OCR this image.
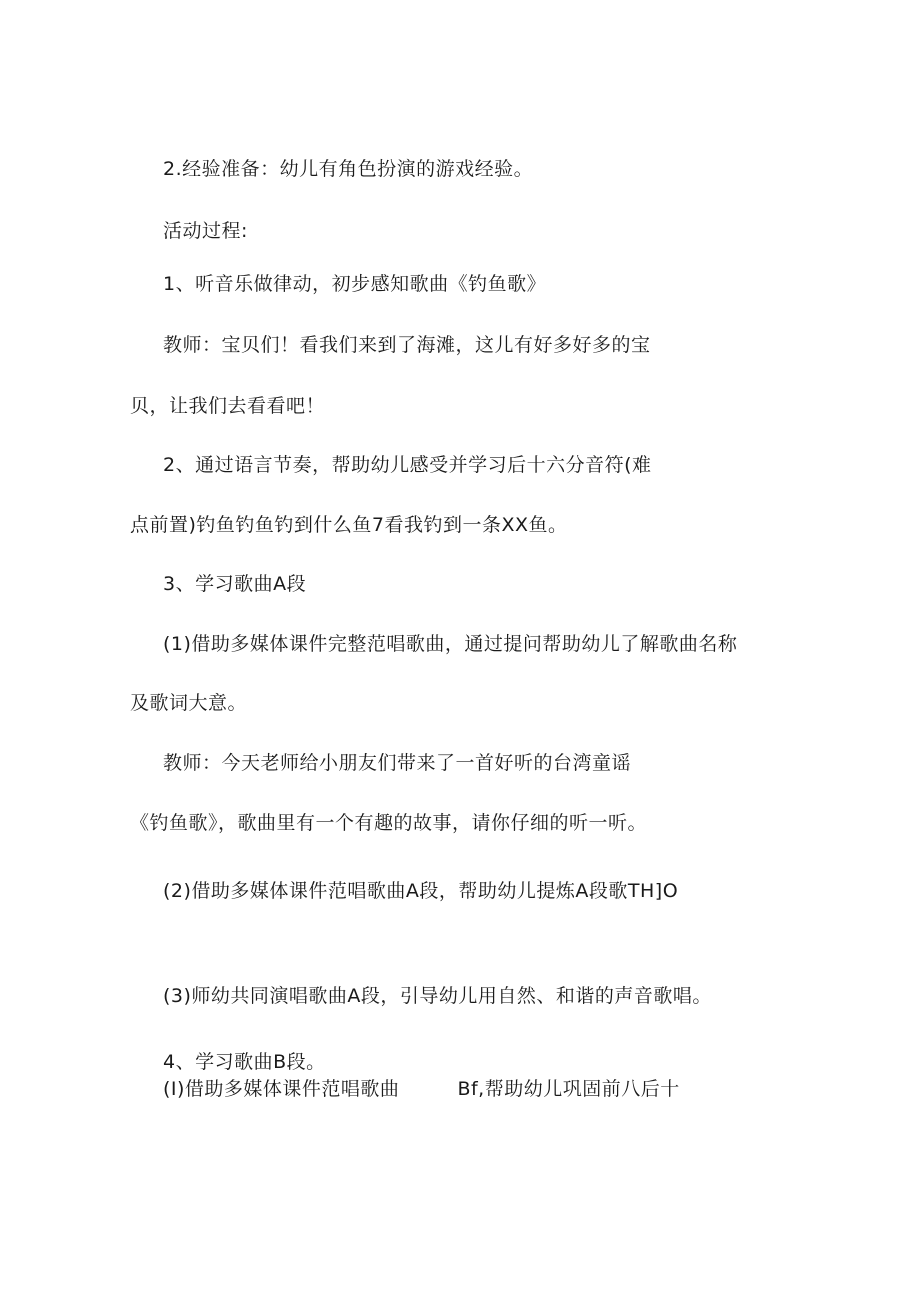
2.经验准备：幼儿有角色扮演的游戏经验。
活动过程:
1、听音乐做律动，初步感知歌曲《钓鱼歌》
教师：宝贝们！看我们来到了海滩，这儿有好多好多的宝
贝，让我们去看看吧！
2、通过语言节奏，帮助幼儿感受并学习后十六分音符(难
点前置)钓鱼钓鱼钓到什么鱼7看我钓到一条XX鱼。
3、学习歌曲A段
(1)借助多媒体课件完整范唱歌曲，通过提问帮助幼儿了解歌曲名称
及歌词大意。
教师：今天老师给小朋友们带来了一首好听的台湾童谣
《钓鱼歌》，歌曲里有一个有趣的故事，请你仔细的听一听。
(2)借助多媒体课件范唱歌曲A段，帮助幼儿提炼A段歌TH]O
(3)师幼共同演唱歌曲A段，引导幼儿用自然、和谐的声音歌唱。
4、学习歌曲B段。
(I)借助多媒体课件范唱歌曲	Bf,帮助幼儿巩固前八后十
